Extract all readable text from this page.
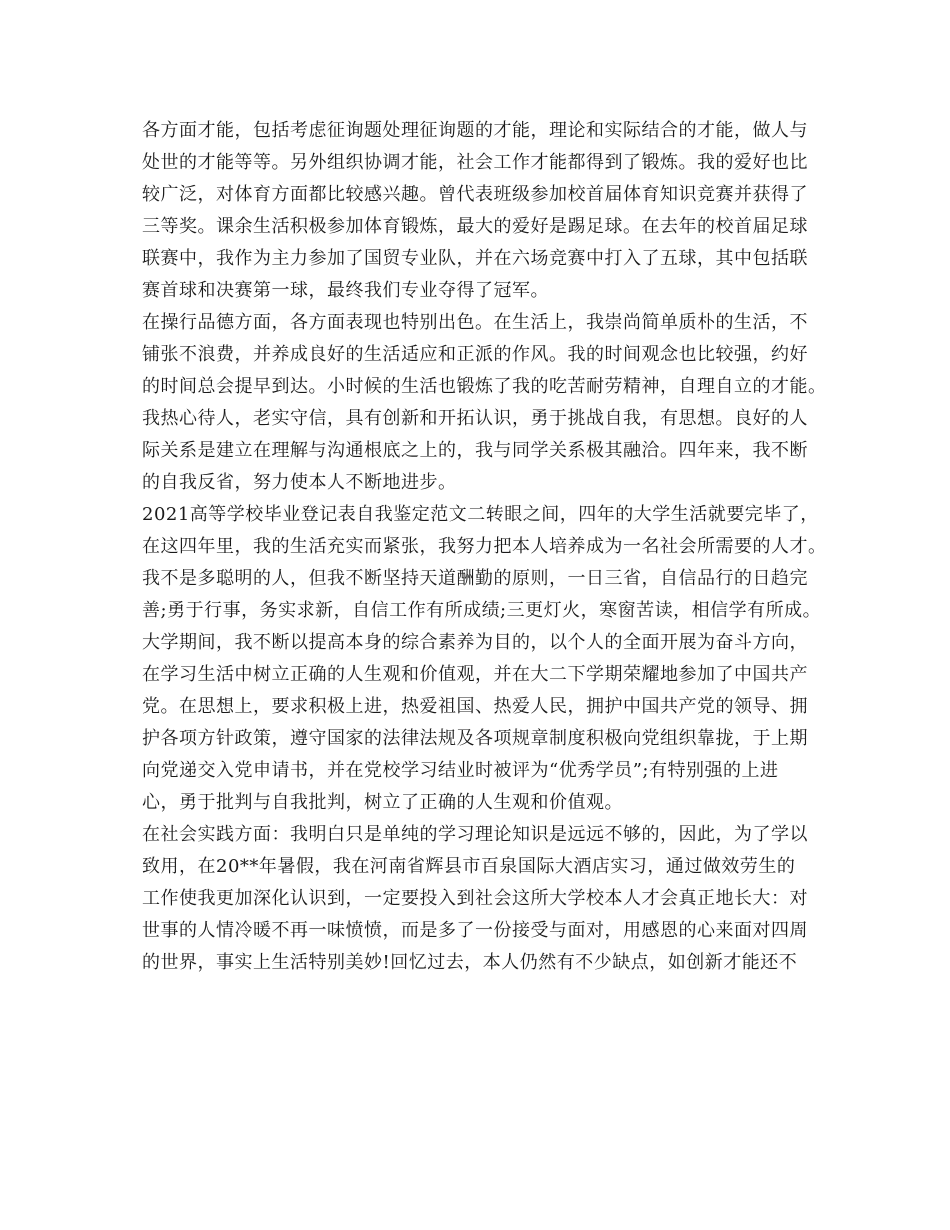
各方面才能，包括考虑征询题处理征询题的才能，理论和实际结合的才能，做人与
处世的才能等等。另外组织协调才能，社会工作才能都得到了锻炼。我的爱好也比
较广泛，对体育方面都比较感兴趣。曾代表班级参加校首届体育知识竞赛并获得了
三等奖。课余生活积极参加体育锻炼，最大的爱好是踢足球。在去年的校首届足球
联赛中，我作为主力参加了国贸专业队，并在六场竞赛中打入了五球，其中包括联
赛首球和决赛第一球，最终我们专业夺得了冠军。
在操行品德方面，各方面表现也特别出色。在生活上，我崇尚简单质朴的生活，不
铺张不浪费，并养成良好的生活适应和正派的作风。我的时间观念也比较强，约好
的时间总会提早到达。小时候的生活也锻炼了我的吃苦耐劳精神，自理自立的才能。
我热心待人，老实守信，具有创新和开拓认识，勇于挑战自我，有思想。良好的人
际关系是建立在理解与沟通根底之上的，我与同学关系极其融洽。四年来，我不断
的自我反省，努力使本人不断地进步。
2021高等学校毕业登记表自我鉴定范文二转眼之间，四年的大学生活就要完毕了，
在这四年里，我的生活充实而紧张，我努力把本人培养成为一名社会所需要的人才。
我不是多聪明的人，但我不断坚持天道酬勤的原则，一日三省，自信品行的日趋完
善;勇于行事，务实求新，自信工作有所成绩;三更灯火，寒窗苦读，相信学有所成。
大学期间，我不断以提高本身的综合素养为目的，以个人的全面开展为奋斗方向，
在学习生活中树立正确的人生观和价值观，并在大二下学期荣耀地参加了中国共产
党。在思想上，要求积极上进，热爱祖国、热爱人民，拥护中国共产党的领导、拥
护各项方针政策，遵守国家的法律法规及各项规章制度积极向党组织靠拢，于上期
向党递交入党申请书，并在党校学习结业时被评为“优秀学员”;有特别强的上进
心，勇于批判与自我批判，树立了正确的人生观和价值观。
在社会实践方面：我明白只是单纯的学习理论知识是远远不够的，因此，为了学以
致用，在20**年暑假，我在河南省辉县市百泉国际大酒店实习，通过做效劳生的
工作使我更加深化认识到，一定要投入到社会这所大学校本人才会真正地长大：对
世事的人情冷暖不再一味愤愤，而是多了一份接受与面对，用感恩的心来面对四周
的世界，事实上生活特别美妙!回忆过去，本人仍然有不少缺点，如创新才能还不
